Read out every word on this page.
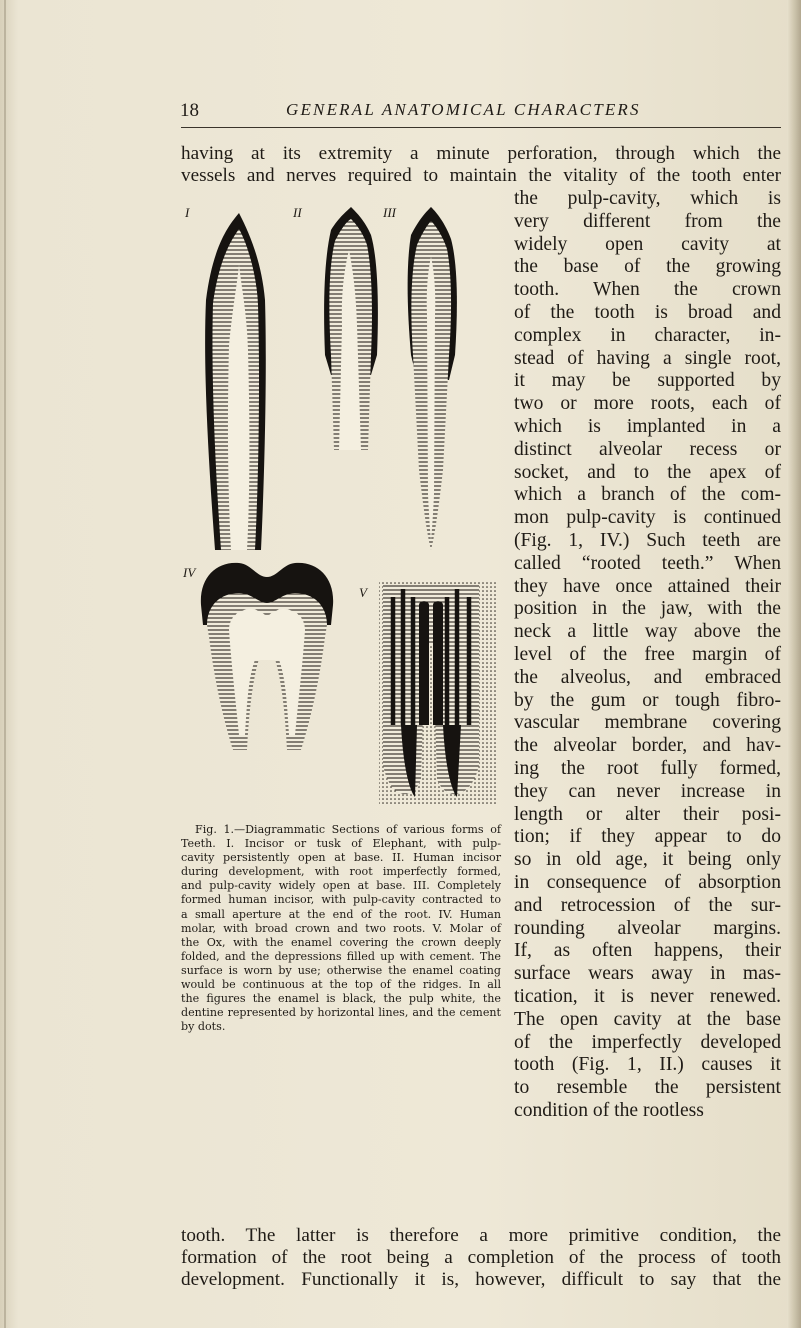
18	GENERAL ANATOMICAL CHARACTERS
having at its extremity a minute perforation, through which the
vessels and nerves required to maintain the vitality of the tooth enter
the pulp-cavity, which is
very different from the
widely open cavity at
the base of the growing
tooth. When the crown
of the tooth is broad and
complex in character, in-
stead of having a single root,
it may be supported by
two or more roots, each of
which is implanted in a
distinct alveolar recess or
socket, and to the apex of
which a branch of the com-
mon pulp-cavity is continued
(Fig. 1, IV.) Such teeth are
called “rooted teeth.” When
they have once attained their
position in the jaw, with the
neck a little way above the
level of the free margin of
the alveolus, and embraced
by the gum or tough fibro-
vascular membrane covering
the alveolar border, and hav-
ing the root fully formed,
they can never increase in
length or alter their posi-
tion; if they appear to do
so in old age, it being only
in consequence of absorption
and retrocession of the sur-
rounding alveolar margins.
If, as often happens, their
surface wears away in mas-
tication, it is never renewed.
The open cavity at the base
of the imperfectly developed
tooth (Fig. 1, II.) causes it
to resemble the persistent
condition of the rootless
I	II	III
IV
V
Fig. 1.—Diagrammatic Sections of various forms of
Teeth. I. Incisor or tusk of Elephant, with pulp-
cavity persistently open at base. II. Human incisor
during development, with root imperfectly formed,
and pulp-cavity widely open at base. III. Completely
formed human incisor, with pulp-cavity contracted to
a small aperture at the end of the root. IV. Human
molar, with broad crown and two roots. V. Molar of
the Ox, with the enamel covering the crown deeply
folded, and the depressions filled up with cement. The
surface is worn by use; otherwise the enamel coating
would be continuous at the top of the ridges. In all
the figures the enamel is black, the pulp white, the
dentine represented by horizontal lines, and the cement
by dots.
tooth. The latter is therefore a more primitive condition, the
formation of the root being a completion of the process of tooth
development. Functionally it is, however, difficult to say that the
